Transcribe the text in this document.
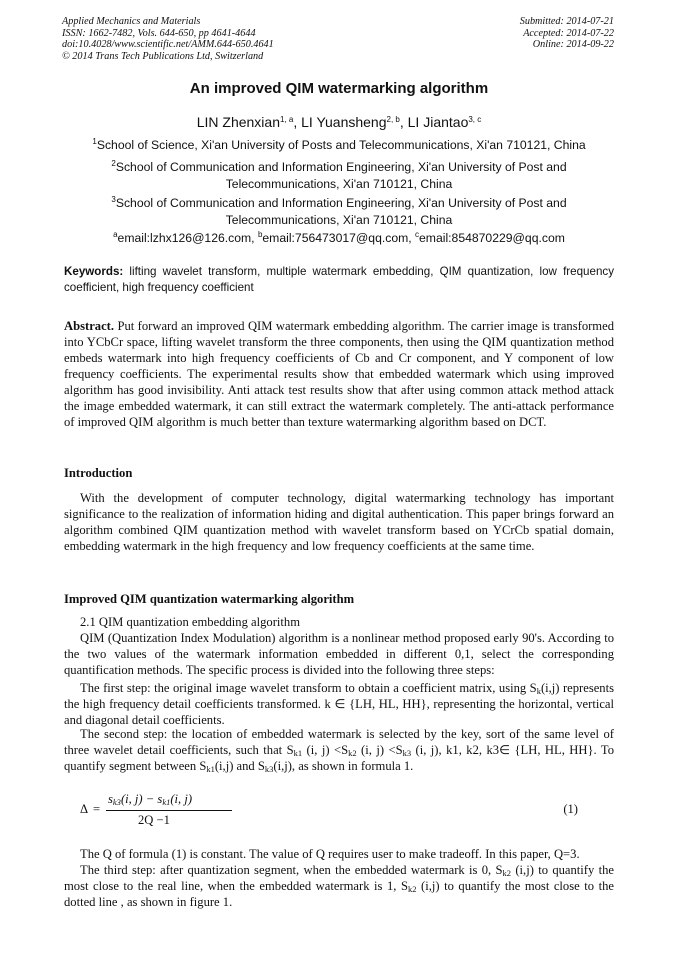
Applied Mechanics and Materials
ISSN: 1662-7482, Vols. 644-650, pp 4641-4644
doi:10.4028/www.scientific.net/AMM.644-650.4641
© 2014 Trans Tech Publications Ltd, Switzerland
Submitted: 2014-07-21
Accepted: 2014-07-22
Online: 2014-09-22
An improved QIM watermarking algorithm
LIN Zhenxian$^{1, a}$, LI Yuansheng$^{2, b}$, LI Jiantao$^{3, c}$
$^1$School of Science, Xi'an University of Posts and Telecommunications, Xi'an 710121, China
$^2$School of Communication and Information Engineering, Xi'an University of Post and Telecommunications, Xi'an 710121, China
$^3$School of Communication and Information Engineering, Xi'an University of Post and Telecommunications, Xi'an 710121, China
$^a$email:lzhx126@126.com, $^b$email:756473017@qq.com, $^c$email:854870229@qq.com
Keywords: lifting wavelet transform, multiple watermark embedding, QIM quantization, low frequency coefficient, high frequency coefficient

Abstract. Put forward an improved QIM watermark embedding algorithm. The carrier image is transformed into YCbCr space, lifting wavelet transform the three components, then using the QIM quantization method embeds watermark into high frequency coefficients of Cb and Cr component, and Y component of low frequency coefficients. The experimental results show that embedded watermark which using improved algorithm has good invisibility. Anti attack test results show that after using common attack method attack the image embedded watermark, it can still extract the watermark completely. The anti-attack performance of improved QIM algorithm is much better than texture watermarking algorithm based on DCT.

Introduction

With the development of computer technology, digital watermarking technology has important significance to the realization of information hiding and digital authentication. This paper brings forward an algorithm combined QIM quantization method with wavelet transform based on YCrCb spatial domain, embedding watermark in the high frequency and low frequency coefficients at the same time.

Improved QIM quantization watermarking algorithm
2.1 QIM quantization embedding algorithm

QIM (Quantization Index Modulation) algorithm is a nonlinear method proposed early 90's. According to the two values of the watermark information embedded in different 0,1, select the corresponding quantification methods. The specific process is divided into the following three steps:

The first step: the original image wavelet transform to obtain a coefficient matrix, using $S_k(i,j)$ represents the high frequency detail coefficients transformed. k ∈ {LH, HL, HH}, representing the horizontal, vertical and diagonal detail coefficients.

The second step: the location of embedded watermark is selected by the key, sort of the same level of three wavelet detail coefficients, such that $S_{k1}$ (i, $j) <S_{k2}$ (i, $j) <S_{k3}$ (i, j), k1, k2, k3∈ {LH, HL, HH}. To quantify segment between $S_{k1}(i,j)$ and $S_{k3}(i,j)$, as shown in formula 1.

Δ =
$s_{k3}(i$, $j) - s_{k1}(i$, j)
2Q −1
(1)

The Q of formula (1) is constant. The value of Q requires user to make tradeoff. In this paper, Q=3.

The third step: after quantization segment, when the embedded watermark is 0, $S_{k2}$ (i,j) to quantify the most close to the real line, when the embedded watermark is 1, $S_{k2}$ (i,j) to quantify the most close to the dotted line , as shown in figure 1.
